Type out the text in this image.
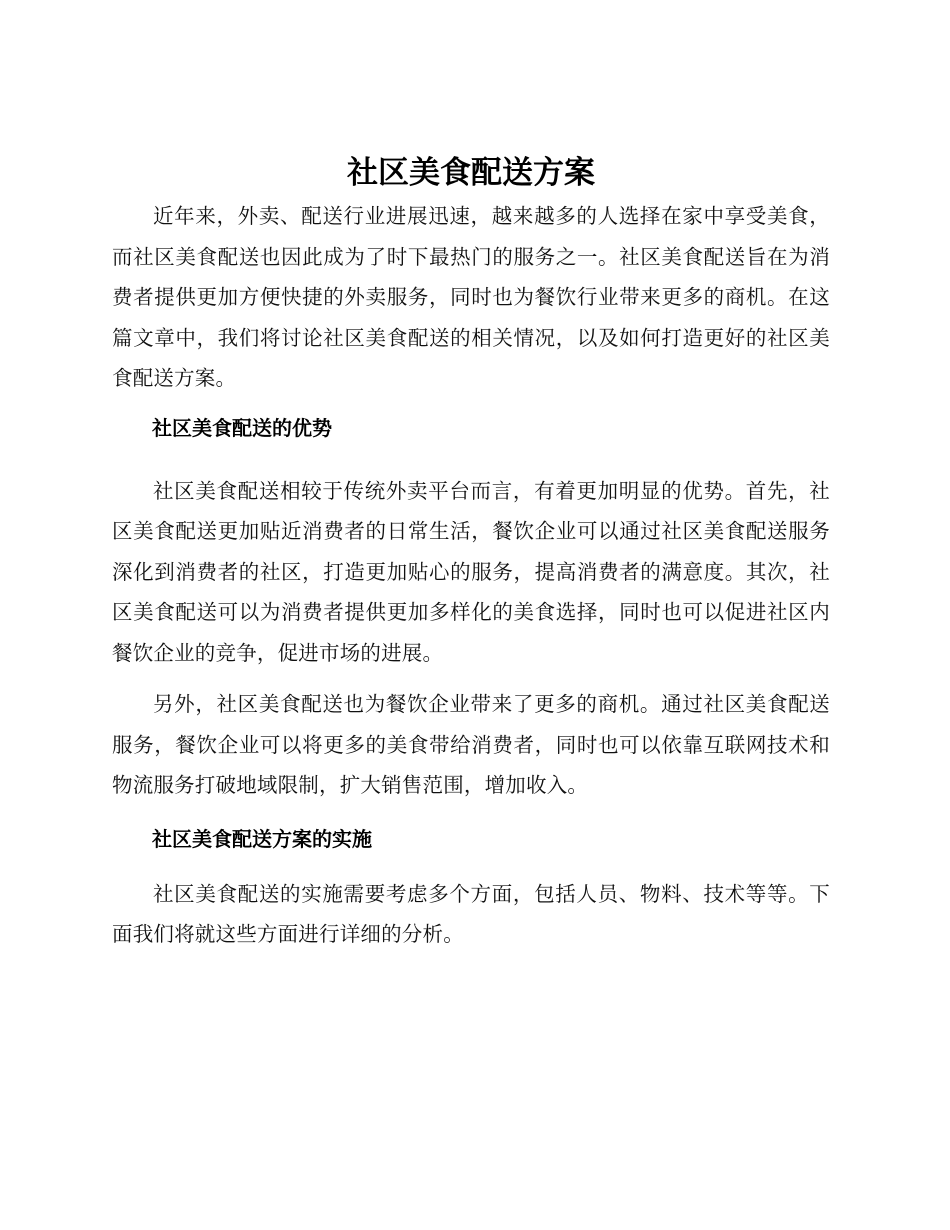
社区美食配送方案

近年来，外卖、配送行业进展迅速，越来越多的人选择在家中享受美食，而社区美食配送也因此成为了时下最热门的服务之一。社区美食配送旨在为消费者提供更加方便快捷的外卖服务，同时也为餐饮行业带来更多的商机。在这篇文章中，我们将讨论社区美食配送的相关情况，以及如何打造更好的社区美食配送方案。

社区美食配送的优势

社区美食配送相较于传统外卖平台而言，有着更加明显的优势。首先，社区美食配送更加贴近消费者的日常生活，餐饮企业可以通过社区美食配送服务深化到消费者的社区，打造更加贴心的服务，提高消费者的满意度。其次，社区美食配送可以为消费者提供更加多样化的美食选择，同时也可以促进社区内餐饮企业的竞争，促进市场的进展。

另外，社区美食配送也为餐饮企业带来了更多的商机。通过社区美食配送服务，餐饮企业可以将更多的美食带给消费者，同时也可以依靠互联网技术和物流服务打破地域限制，扩大销售范围，增加收入。

社区美食配送方案的实施

社区美食配送的实施需要考虑多个方面，包括人员、物料、技术等等。下面我们将就这些方面进行详细的分析。
